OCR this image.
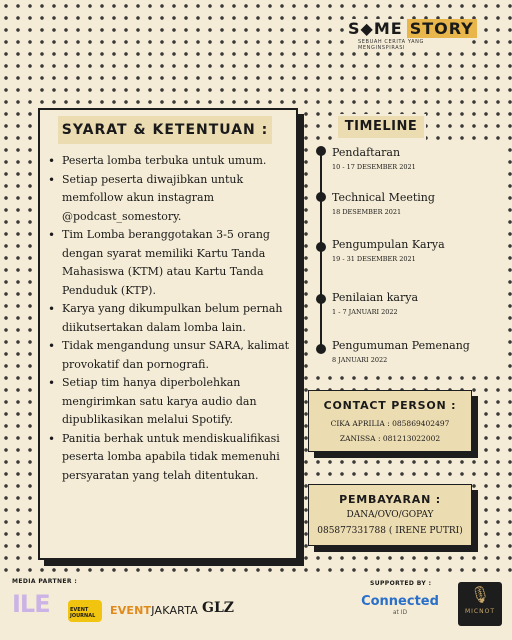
S◆ME STORY
SEBUAH CERITA YANG MENGINSPIRASI
SYARAT & KETENTUAN :
• Peserta lomba terbuka untuk umum.
• Setiap peserta diwajibkan untuk memfollow akun instagram @podcast_somestory.
• Tim Lomba beranggotakan 3-5 orang dengan syarat memiliki Kartu Tanda Mahasiswa (KTM) atau Kartu Tanda Penduduk (KTP).
• Karya yang dikumpulkan belum pernah diikutsertakan dalam lomba lain.
• Tidak mengandung unsur SARA, kalimat provokatif dan pornografi.
• Setiap tim hanya diperbolehkan mengirimkan satu karya audio dan dipublikasikan melalui Spotify.
• Panitia berhak untuk mendiskualifikasi peserta lomba apabila tidak memenuhi persyaratan yang telah ditentukan.
TIMELINE
Pendaftaran
10 - 17 DESEMBER 2021
Technical Meeting
18 DESEMBER 2021
Pengumpulan Karya
19 - 31 DESEMBER 2021
Penilaian karya
1 - 7 JANUARI 2022
Pengumuman Pemenang
8 JANUARI 2022
CONTACT PERSON :
CIKA APRILIA : 085869402497
ZANISSA : 081213022002
PEMBAYARAN :
DANA/OVO/GOPAY
085877331788 ( IRENE PUTRI)
MEDIA PARTNER :	SUPPORTED BY :
ILE	EVENT JOURNAL	EVENTJAKARTA GLZ	Connected
at ID
🎙
MICNOT
